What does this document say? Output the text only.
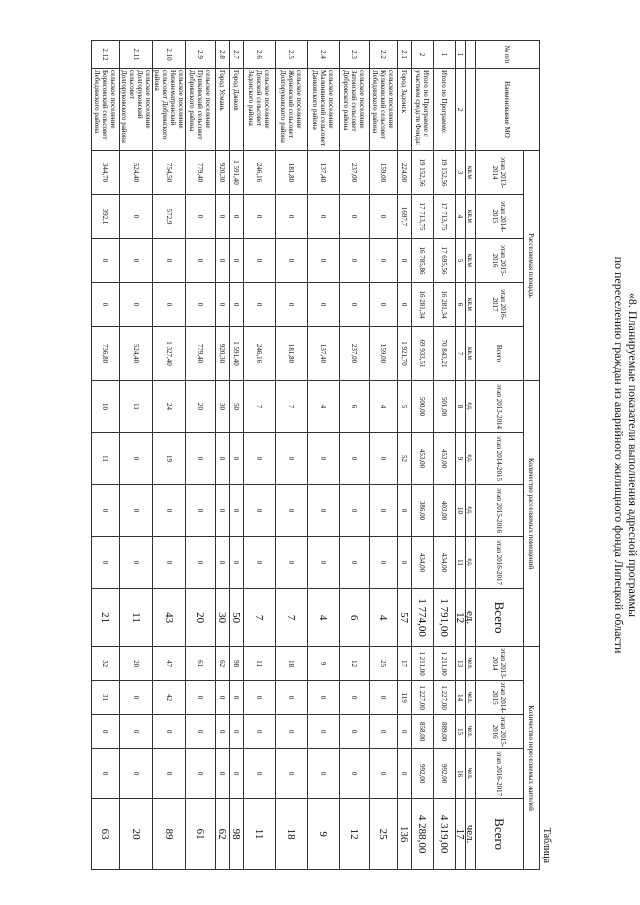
«8. Планируемые показатели выполнения адресной программы
по переселению граждан из аварийного жилищного фонда Липецкой области
Таблица
№ п/п	Наименование МО	Расселяемая площадь					Количество расселяемых помещений					Количество переселяемых жителей				
		этап 2013-2014	этап 2014-2015	этап 2015-2016	этап 2016-2017	Всего	этап 2013-2014	этап 2014-2015	этап 2015-2016	этап 2016-2017	Всего	этап 2013-2014	этап 2014-2015	этап 2015-2016	этап 2016-2017	Всего
		кв.м	кв.м	кв.м	кв.м	кв.м	ед.	ед.	ед.	ед.	ед.	чел.	чел.	чел.	чел.	чел.
1	2	3	4	5	6	7	8	9	10	11	12	13	14	15	16	17
1	Итого по Программе:	19 152,56	17 713,75	17 695,56	16 281,34	70 843,21	501,00	453,00	403,00	434,00	1 791,00	1 211,00	1 227,00	889,00	992,00	4 319,00
2	Итого по Программе с участием средств Фонда:	19 152,56	17 713,75	16 785,86	16 281,34	69 933,51	500,00	453,00	386,00	434,00	1 774,00	1 211,00	1 227,00	858,00	992,00	4 288,00
2.1	Город Задонск	224,00	1697,7	0	0	1 921,70	5	52	0	0	57	17	119	0	0	136
2.2	сельское поселение Куликовский сельсовет Лебедянского района	159,00	0	0	0	159,00	4	0	0	0	4	25	0	0	0	25
2.3	сельское поселение Затонский сельсовет Добровского района	237,00	0	0	0	237,00	6	0	0	0	6	12	0	0	0	12
2.4	сельское поселение Малинвинский сельсовет Данковского района	137,40	0	0	0	137,40	4	0	0	0	4	9	0	0	0	9
2.5	сельское поселение Жерновский сельсовет Долгоруковского района	181,80	0	0	0	181,80	7	0	0	0	7	18	0	0	0	18
2.6	сельское поселение Донской сельсовет Задонского района	246,16	0	0	0	246,16	7	0	0	0	7	11	0	0	0	11
2.7	Город Данков	1 591,40	0	0	0	1 591,40	50	0	0	0	50	98	0	0	0	98
2.8	Город Усмань	920,30	0	0	0	920,30	30	0	0	0	30	62	0	0	0	62
2.9	сельское поселение Пушкинский сельсовет Добринского района	779,40	0	0	0	779,40	20	0	0	0	20	61	0	0	0	61
2.10	сельское поселение Нижнематренский сельсовет Добринского района	754,50	572,9	0	0	1 327,40	24	19	0	0	43	47	42	0	0	89
2.11	сельское поселение Долгоруковский сельсовет Долгоруковского района	524,40	0	0	0	524,40	11	0	0	0	11	20	0	0	0	20
2.12	сельское поселение Борисовский сельсовет Лебедянского района	344,70	392,1	0	0	736,80	10	11	0	0	21	32	31	0	0	63
